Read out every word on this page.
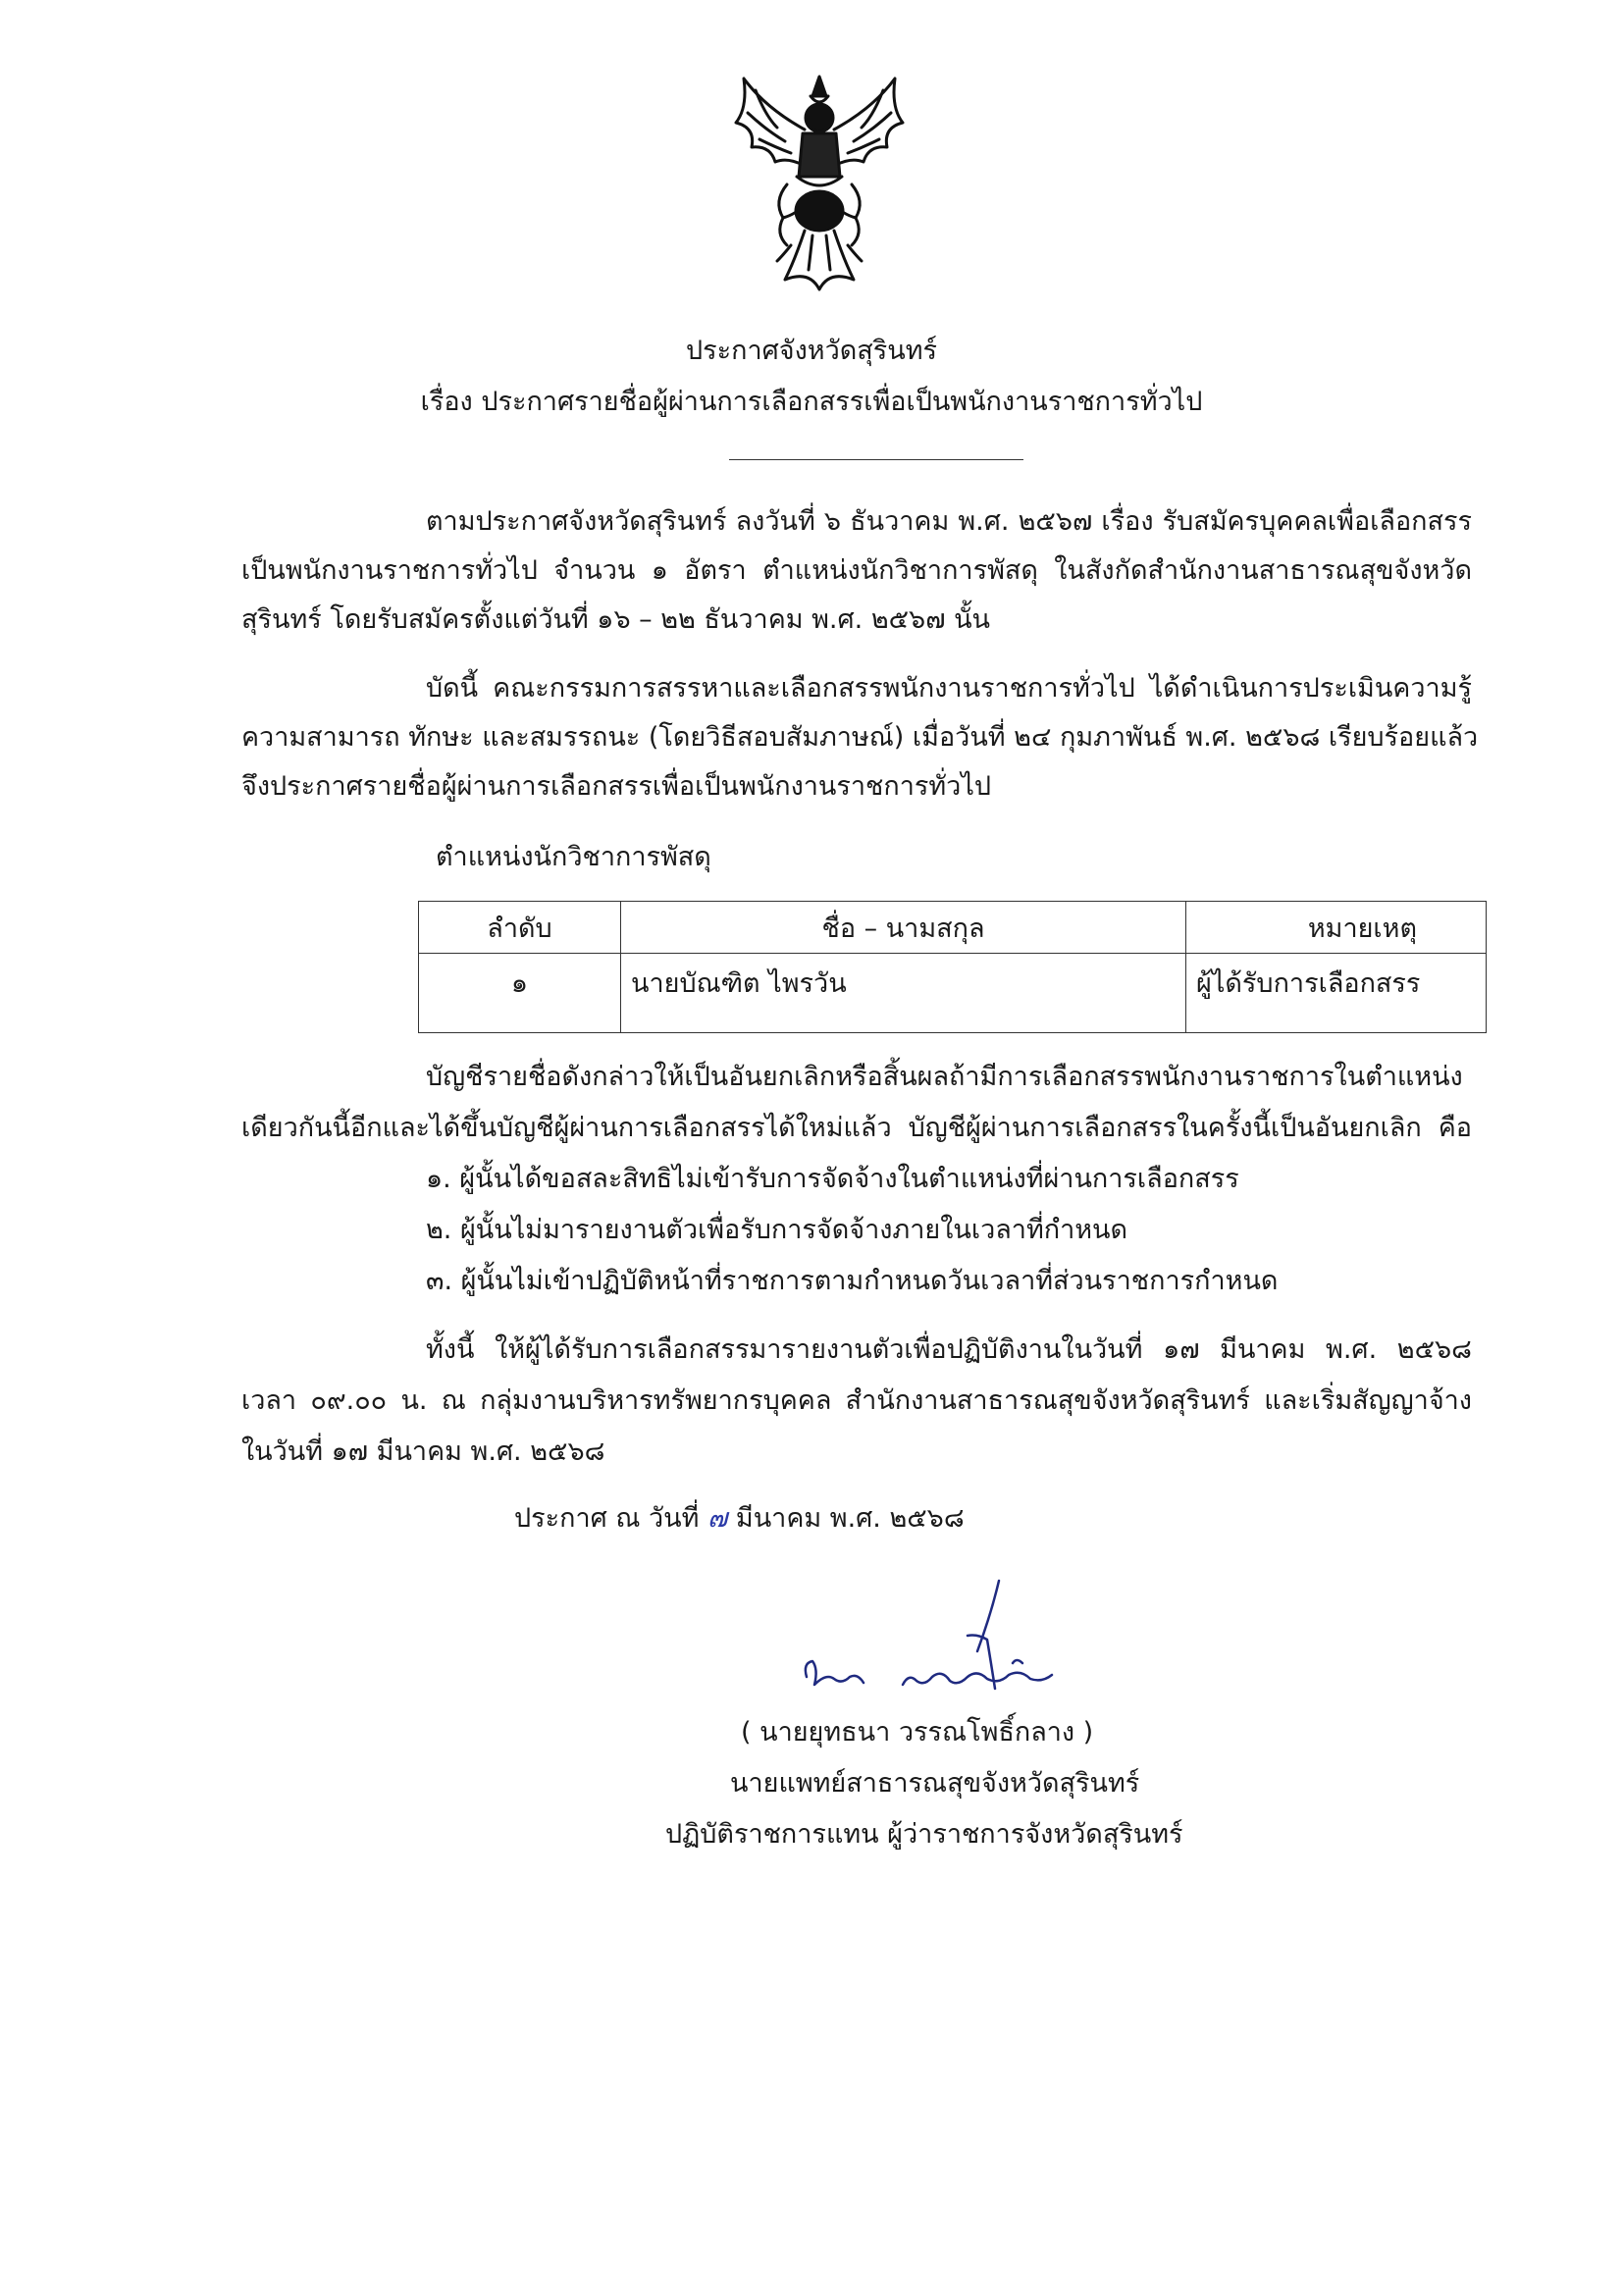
ประกาศจังหวัดสุรินทร์
เรื่อง ประกาศรายชื่อผู้ผ่านการเลือกสรรเพื่อเป็นพนักงานราชการทั่วไป
ตามประกาศจังหวัดสุรินทร์ ลงวันที่ ๖ ธันวาคม พ.ศ. ๒๕๖๗ เรื่อง รับสมัครบุคคลเพื่อเลือกสรร
เป็นพนักงานราชการทั่วไป จำนวน ๑ อัตรา ตำแหน่งนักวิชาการพัสดุ ในสังกัดสำนักงานสาธารณสุขจังหวัด
สุรินทร์ โดยรับสมัครตั้งแต่วันที่ ๑๖ – ๒๒ ธันวาคม พ.ศ. ๒๕๖๗ นั้น
บัดนี้ คณะกรรมการสรรหาและเลือกสรรพนักงานราชการทั่วไป ได้ดำเนินการประเมินความรู้
ความสามารถ ทักษะ และสมรรถนะ (โดยวิธีสอบสัมภาษณ์) เมื่อวันที่ ๒๔ กุมภาพันธ์ พ.ศ. ๒๕๖๘ เรียบร้อยแล้ว
จึงประกาศรายชื่อผู้ผ่านการเลือกสรรเพื่อเป็นพนักงานราชการทั่วไป
ตำแหน่งนักวิชาการพัสดุ
ลำดับ	ชื่อ – นามสกุล	หมายเหตุ
๑	นายบัณฑิต ไพรวัน	ผู้ได้รับการเลือกสรร
บัญชีรายชื่อดังกล่าวให้เป็นอันยกเลิกหรือสิ้นผลถ้ามีการเลือกสรรพนักงานราชการในตำแหน่ง
เดียวกันนี้อีกและได้ขึ้นบัญชีผู้ผ่านการเลือกสรรได้ใหม่แล้ว บัญชีผู้ผ่านการเลือกสรรในครั้งนี้เป็นอันยกเลิก คือ
๑. ผู้นั้นได้ขอสละสิทธิไม่เข้ารับการจัดจ้างในตำแหน่งที่ผ่านการเลือกสรร
๒. ผู้นั้นไม่มารายงานตัวเพื่อรับการจัดจ้างภายในเวลาที่กำหนด
๓. ผู้นั้นไม่เข้าปฏิบัติหน้าที่ราชการตามกำหนดวันเวลาที่ส่วนราชการกำหนด
ทั้งนี้ ให้ผู้ได้รับการเลือกสรรมารายงานตัวเพื่อปฏิบัติงานในวันที่ ๑๗ มีนาคม พ.ศ. ๒๕๖๘
เวลา ๐๙.๐๐ น. ณ กลุ่มงานบริหารทรัพยากรบุคคล สำนักงานสาธารณสุขจังหวัดสุรินทร์ และเริ่มสัญญาจ้าง
ในวันที่ ๑๗ มีนาคม พ.ศ. ๒๕๖๘
ประกาศ ณ วันที่ ๗ มีนาคม พ.ศ. ๒๕๖๘
( นายยุทธนา วรรณโพธิ์กลาง )
นายแพทย์สาธารณสุขจังหวัดสุรินทร์
ปฏิบัติราชการแทน ผู้ว่าราชการจังหวัดสุรินทร์
